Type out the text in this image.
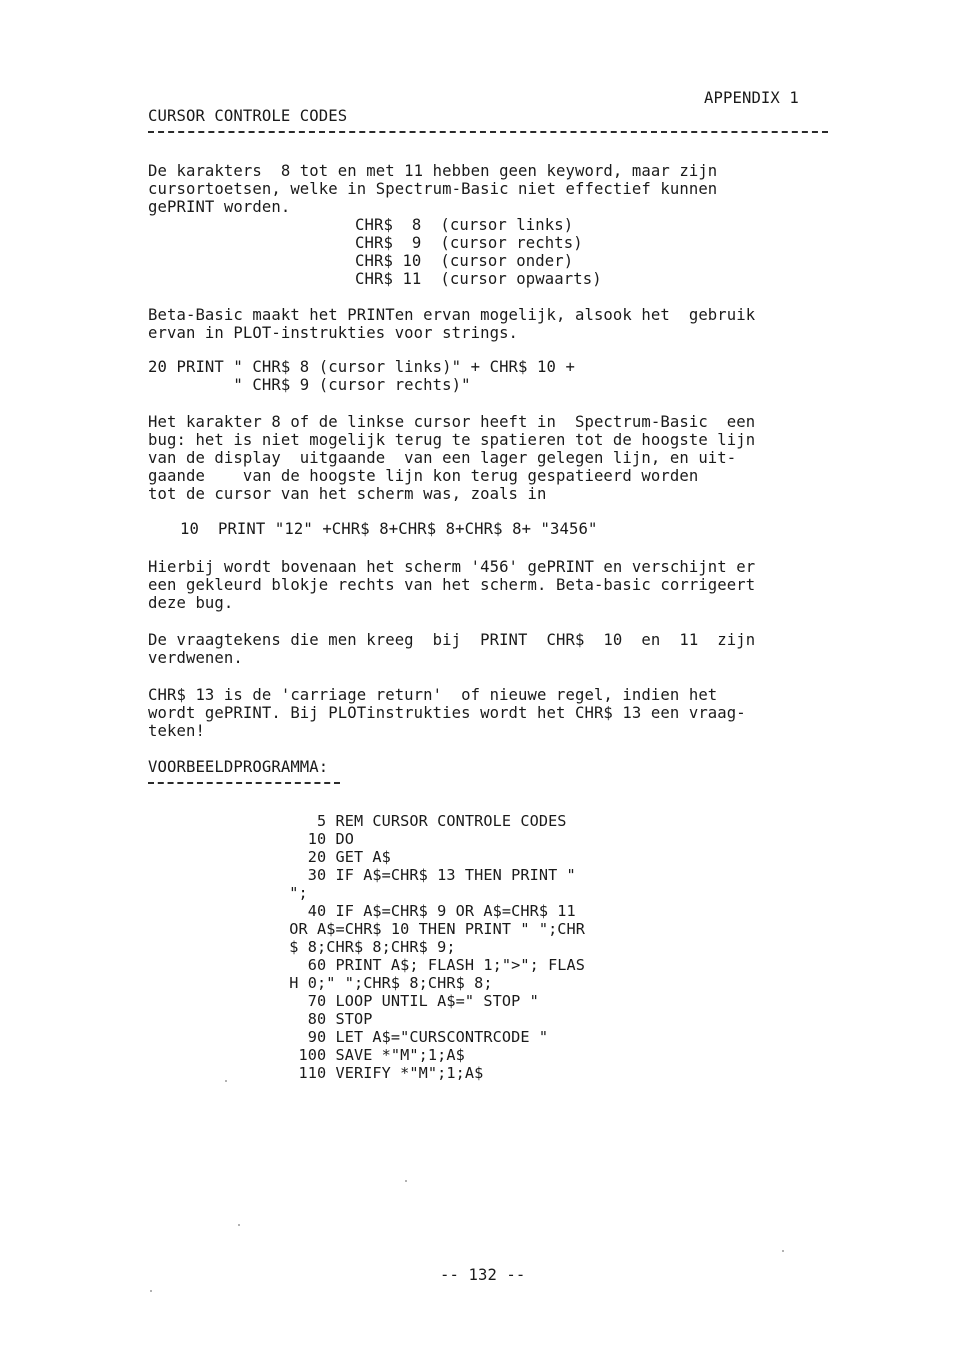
APPENDIX 1
CURSOR CONTROLE CODES
De karakters  8 tot en met 11 hebben geen keyword, maar zijn
cursortoetsen, welke in Spectrum-Basic niet effectief kunnen
gePRINT worden.
CHR$  8  (cursor links)
CHR$  9  (cursor rechts)
CHR$ 10  (cursor onder)
CHR$ 11  (cursor opwaarts)
Beta-Basic maakt het PRINTen ervan mogelijk, alsook het  gebruik
ervan in PLOT-instrukties voor strings.
20 PRINT " CHR$ 8 (cursor links)" + CHR$ 10 +
" CHR$ 9 (cursor rechts)"
Het karakter 8 of de linkse cursor heeft in  Spectrum-Basic  een
bug: het is niet mogelijk terug te spatieren tot de hoogste lijn
van de display  uitgaande  van een lager gelegen lijn, en uit-
gaande    van de hoogste lijn kon terug gespatieerd worden
tot de cursor van het scherm was, zoals in
10  PRINT "12" +CHR$ 8+CHR$ 8+CHR$ 8+ "3456"
Hierbij wordt bovenaan het scherm '456' gePRINT en verschijnt er
een gekleurd blokje rechts van het scherm. Beta-basic corrigeert
deze bug.
De vraagtekens die men kreeg  bij  PRINT  CHR$  10  en  11  zijn
verdwenen.
CHR$ 13 is de 'carriage return'  of nieuwe regel, indien het
wordt gePRINT. Bij PLOTinstrukties wordt het CHR$ 13 een vraag-
teken!
VOORBEELDPROGRAMMA:
5 REM CURSOR CONTROLE CODES
10 DO
20 GET A$
30 IF A$=CHR$ 13 THEN PRINT "
";
40 IF A$=CHR$ 9 OR A$=CHR$ 11
OR A$=CHR$ 10 THEN PRINT " ";CHR
$ 8;CHR$ 8;CHR$ 9;
60 PRINT A$; FLASH 1;">"; FLAS
H 0;" ";CHR$ 8;CHR$ 8;
70 LOOP UNTIL A$=" STOP "
80 STOP
90 LET A$="CURSCONTRCODE "
100 SAVE *"M";1;A$
110 VERIFY *"M";1;A$
-- 132 --
